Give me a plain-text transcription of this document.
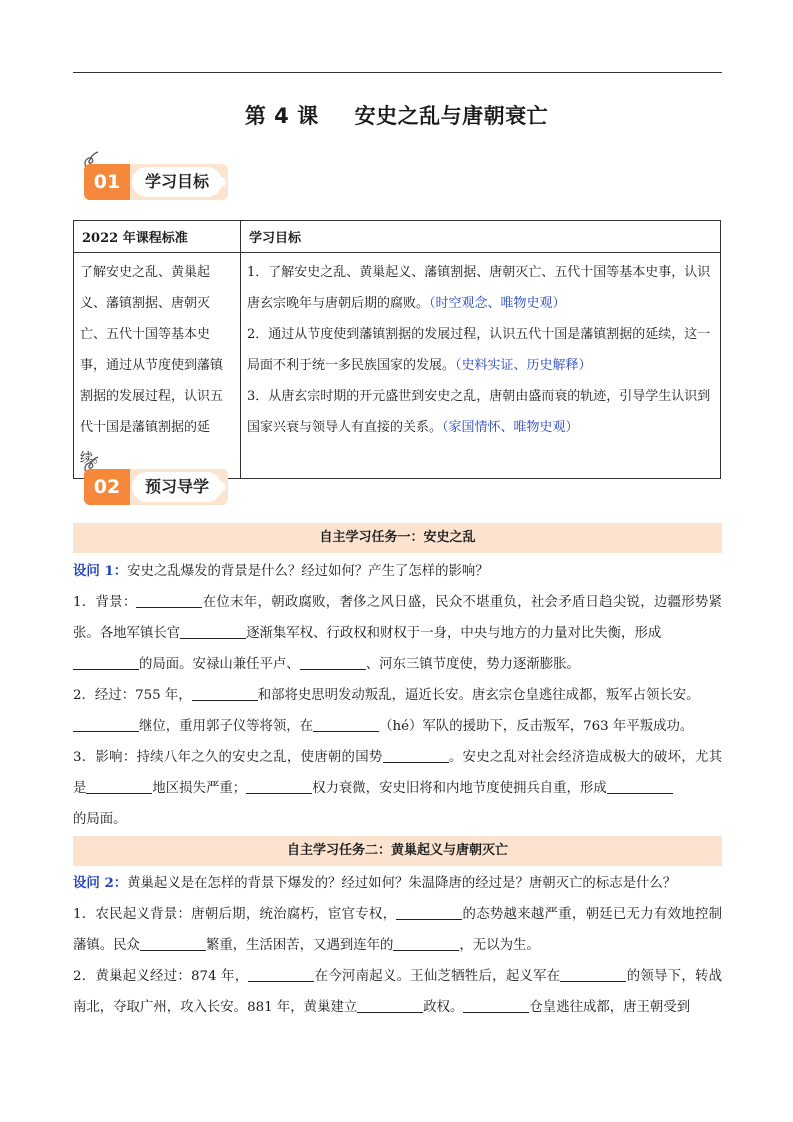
第 4 课 安史之乱与唐朝衰亡
01	学习目标
2022 年课程标准	学习目标
了解安史之乱、黄巢起义、藩镇割据、唐朝灭亡、五代十国等基本史事，通过从节度使到藩镇割据的发展过程，认识五代十国是藩镇割据的延续。	1．了解安史之乱、黄巢起义、藩镇割据、唐朝灭亡、五代十国等基本史事，认识唐玄宗晚年与唐朝后期的腐败。（时空观念、唯物史观）
2．通过从节度使到藩镇割据的发展过程，认识五代十国是藩镇割据的延续，这一局面不利于统一多民族国家的发展。（史料实证、历史解释）
3．从唐玄宗时期的开元盛世到安史之乱，唐朝由盛而衰的轨迹，引导学生认识到国家兴衰与领导人有直接的关系。（家国情怀、唯物史观）
02	预习导学
自主学习任务一：安史之乱
设问 1：安史之乱爆发的背景是什么？经过如何？产生了怎样的影响？
1．背景：	在位末年，朝政腐败，奢侈之风日盛，民众不堪重负，社会矛盾日趋尖锐，边疆形势紧张。各地军镇长官	逐渐集军权、行政权和财权于一身，中央与地方的力量对比失衡，形成
的局面。安禄山兼任平卢、	、河东三镇节度使，势力逐渐膨胀。
2．经过：755 年，	和部将史思明发动叛乱，逼近长安。唐玄宗仓皇逃往成都，叛军占领长安。
继位，重用郭子仪等将领，在	（hé）军队的援助下，反击叛军，763 年平叛成功。
3．影响：持续八年之久的安史之乱，使唐朝的国势	。安史之乱对社会经济造成极大的破坏，尤其是	地区损失严重；	权力衰微，安史旧将和内地节度使拥兵自重，形成
的局面。
自主学习任务二：黄巢起义与唐朝灭亡
设问 2：黄巢起义是在怎样的背景下爆发的？经过如何？朱温降唐的经过是？唐朝灭亡的标志是什么？
1．农民起义背景：唐朝后期，统治腐朽，宦官专权，	的态势越来越严重，朝廷已无力有效地控制藩镇。民众	繁重，生活困苦，又遇到连年的	，无以为生。
2．黄巢起义经过：874 年，	在今河南起义。王仙芝牺牲后，起义军在	的领导下，转战南北，夺取广州，攻入长安。881 年，黄巢建立	政权。	仓皇逃往成都，唐王朝受到
